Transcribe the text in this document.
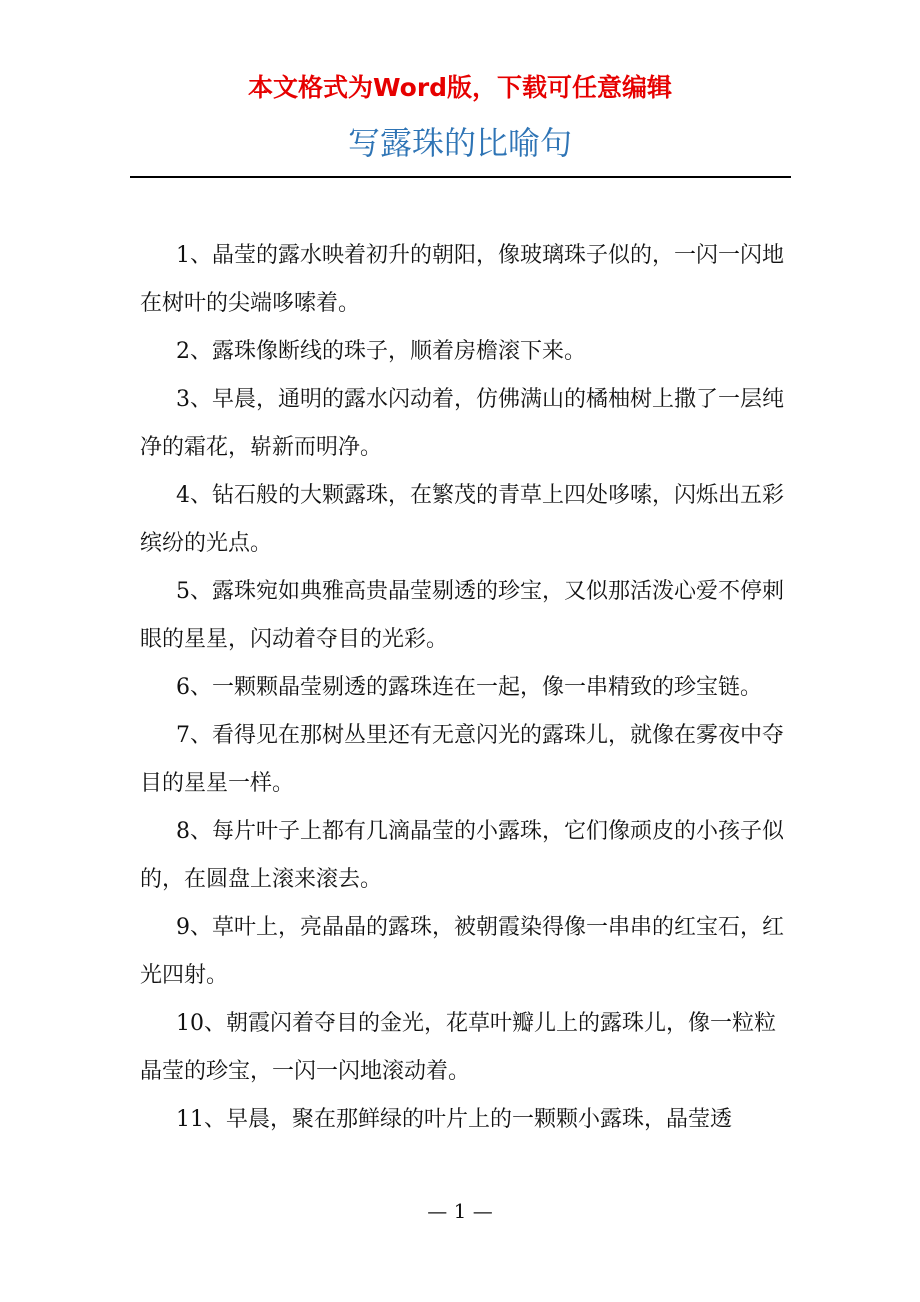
本文格式为Word版，下载可任意编辑
写露珠的比喻句

1、晶莹的露水映着初升的朝阳，像玻璃珠子似的，一闪一闪地在树叶的尖端哆嗦着。

2、露珠像断线的珠子，顺着房檐滚下来。

3、早晨，通明的露水闪动着，仿佛满山的橘柚树上撒了一层纯净的霜花，崭新而明净。

4、钻石般的大颗露珠，在繁茂的青草上四处哆嗦，闪烁出五彩缤纷的光点。

5、露珠宛如典雅高贵晶莹剔透的珍宝，又似那活泼心爱不停刺眼的星星，闪动着夺目的光彩。

6、一颗颗晶莹剔透的露珠连在一起，像一串精致的珍宝链。

7、看得见在那树丛里还有无意闪光的露珠儿，就像在雾夜中夺目的星星一样。

8、每片叶子上都有几滴晶莹的小露珠，它们像顽皮的小孩子似的，在圆盘上滚来滚去。

9、草叶上，亮晶晶的露珠，被朝霞染得像一串串的红宝石，红光四射。

10、朝霞闪着夺目的金光，花草叶瓣儿上的露珠儿，像一粒粒晶莹的珍宝，一闪一闪地滚动着。

11、早晨，聚在那鲜绿的叶片上的一颗颗小露珠，晶莹透

— 1 —
